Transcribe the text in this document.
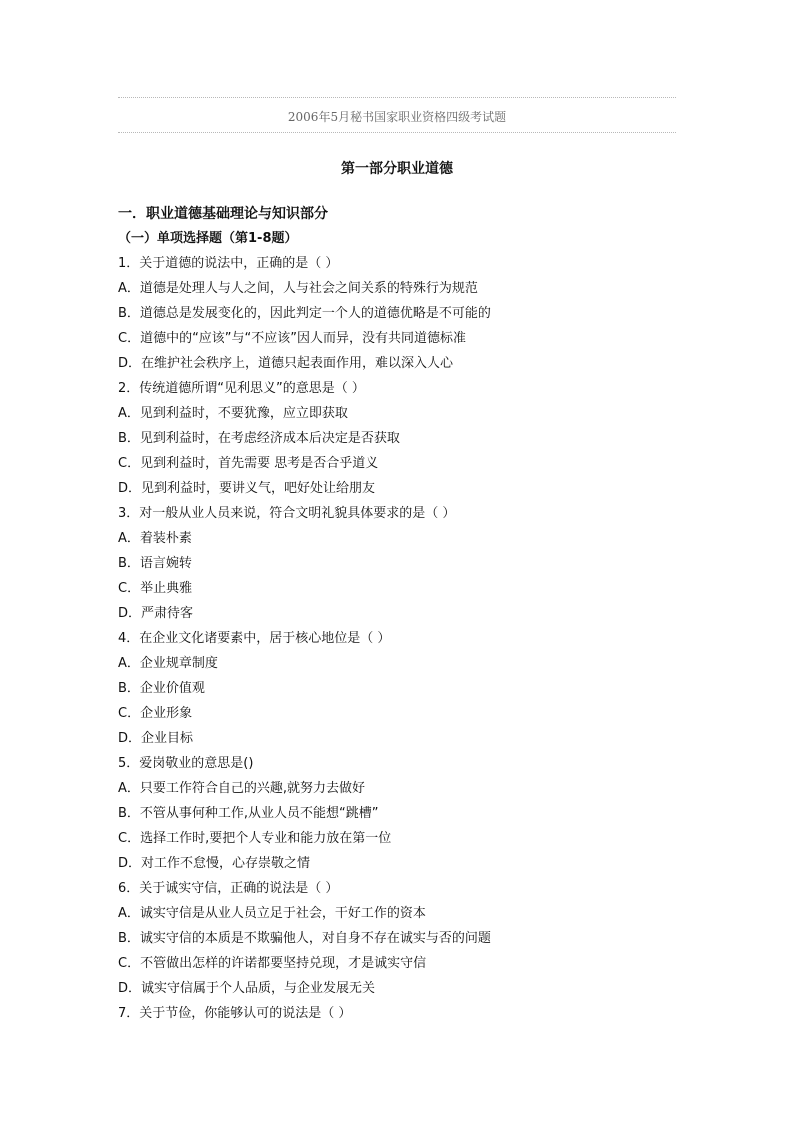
2006年5月秘书国家职业资格四级考试题
第一部分职业道德
一．职业道德基础理论与知识部分
（一）单项选择题（第1-8题）
1．关于道德的说法中，正确的是（ ）
A．道德是处理人与人之间，人与社会之间关系的特殊行为规范
B．道德总是发展变化的，因此判定一个人的道德优略是不可能的
C．道德中的“应该”与“不应该”因人而异，没有共同道德标准
D．在维护社会秩序上，道德只起表面作用，难以深入人心
2．传统道德所谓“见利思义”的意思是（ ）
A．见到利益时，不要犹豫，应立即获取
B．见到利益时，在考虑经济成本后决定是否获取
C．见到利益时，首先需要 思考是否合乎道义
D．见到利益时，要讲义气，吧好处让给朋友
3．对一般从业人员来说，符合文明礼貌具体要求的是（ ）
A．着装朴素
B．语言婉转
C．举止典雅
D．严肃待客
4．在企业文化诸要素中，居于核心地位是（ ）
A．企业规章制度
B．企业价值观
C．企业形象
D．企业目标
5．爱岗敬业的意思是()
A．只要工作符合自己的兴趣,就努力去做好
B．不管从事何种工作,从业人员不能想“跳槽”
C．选择工作时,要把个人专业和能力放在第一位
D．对工作不怠慢，心存崇敬之情
6．关于诚实守信，正确的说法是（ ）
A．诚实守信是从业人员立足于社会，干好工作的资本
B．诚实守信的本质是不欺骗他人，对自身不存在诚实与否的问题
C．不管做出怎样的许诺都要坚持兑现，才是诚实守信
D．诚实守信属于个人品质，与企业发展无关
7．关于节俭，你能够认可的说法是（ ）
